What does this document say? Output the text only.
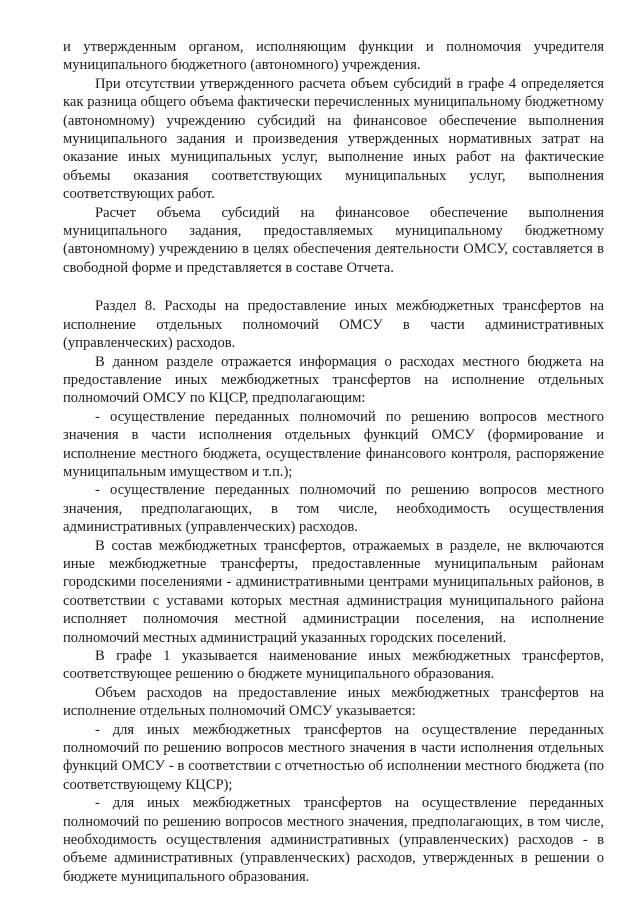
и утвержденным органом, исполняющим функции и полномочия учредителя муниципального бюджетного (автономного) учреждения.

При отсутствии утвержденного расчета объем субсидий в графе 4 определяется как разница общего объема фактически перечисленных муниципальному бюджетному (автономному) учреждению субсидий на финансовое обеспечение выполнения муниципального задания и произведения утвержденных нормативных затрат на оказание иных муниципальных услуг, выполнение иных работ на фактические объемы оказания соответствующих муниципальных услуг, выполнения соответствующих работ.

Расчет объема субсидий на финансовое обеспечение выполнения муниципального задания, предоставляемых муниципальному бюджетному (автономному) учреждению в целях обеспечения деятельности ОМСУ, составляется в свободной форме и представляется в составе Отчета.

Раздел 8. Расходы на предоставление иных межбюджетных трансфертов на исполнение отдельных полномочий ОМСУ в части административных (управленческих) расходов.

В данном разделе отражается информация о расходах местного бюджета на предоставление иных межбюджетных трансфертов на исполнение отдельных полномочий ОМСУ по КЦСР, предполагающим:

- осуществление переданных полномочий по решению вопросов местного значения в части исполнения отдельных функций ОМСУ (формирование и исполнение местного бюджета, осуществление финансового контроля, распоряжение муниципальным имуществом и т.п.);

- осуществление переданных полномочий по решению вопросов местного значения, предполагающих, в том числе, необходимость осуществления административных (управленческих) расходов.

В состав межбюджетных трансфертов, отражаемых в разделе, не включаются иные межбюджетные трансферты, предоставленные муниципальным районам городскими поселениями - административными центрами муниципальных районов, в соответствии с уставами которых местная администрация муниципального района исполняет полномочия местной администрации поселения, на исполнение полномочий местных администраций указанных городских поселений.

В графе 1 указывается наименование иных межбюджетных трансфертов, соответствующее решению о бюджете муниципального образования.

Объем расходов на предоставление иных межбюджетных трансфертов на исполнение отдельных полномочий ОМСУ указывается:

- для иных межбюджетных трансфертов на осуществление переданных полномочий по решению вопросов местного значения в части исполнения отдельных функций ОМСУ - в соответствии с отчетностью об исполнении местного бюджета (по соответствующему КЦСР);

- для иных межбюджетных трансфертов на осуществление переданных полномочий по решению вопросов местного значения, предполагающих, в том числе, необходимость осуществления административных (управленческих) расходов - в объеме административных (управленческих) расходов, утвержденных в решении о бюджете муниципального образования.
